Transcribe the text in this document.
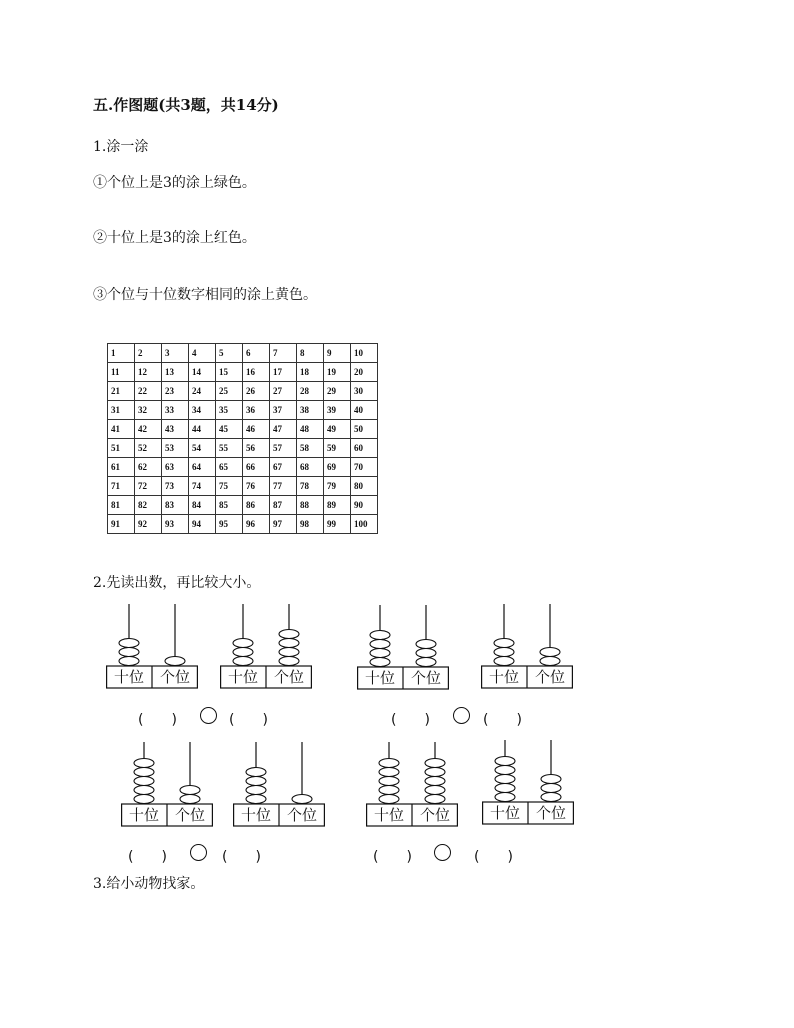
五.作图题(共3题，共14分)
1.涂一涂
①个位上是3的涂上绿色。
②十位上是3的涂上红色。
③个位与十位数字相同的涂上黄色。
1	2	3	4	5	6	7	8	9	10
11	12	13	14	15	16	17	18	19	20
21	22	23	24	25	26	27	28	29	30
31	32	33	34	35	36	37	38	39	40
41	42	43	44	45	46	47	48	49	50
51	52	53	54	55	56	57	58	59	60
61	62	63	64	65	66	67	68	69	70
71	72	73	74	75	76	77	78	79	80
81	82	83	84	85	86	87	88	89	90
91	92	93	94	95	96	97	98	99	100
2.先读出数，再比较大小。
十位	个位	十位	个位	十位	个位	十位	个位
十位	个位	十位	个位	十位	个位	十位	个位
(　　)	(　　)	(　　)	(　　)
(　　)	(　　)	(　　)	(　　)
3.给小动物找家。
